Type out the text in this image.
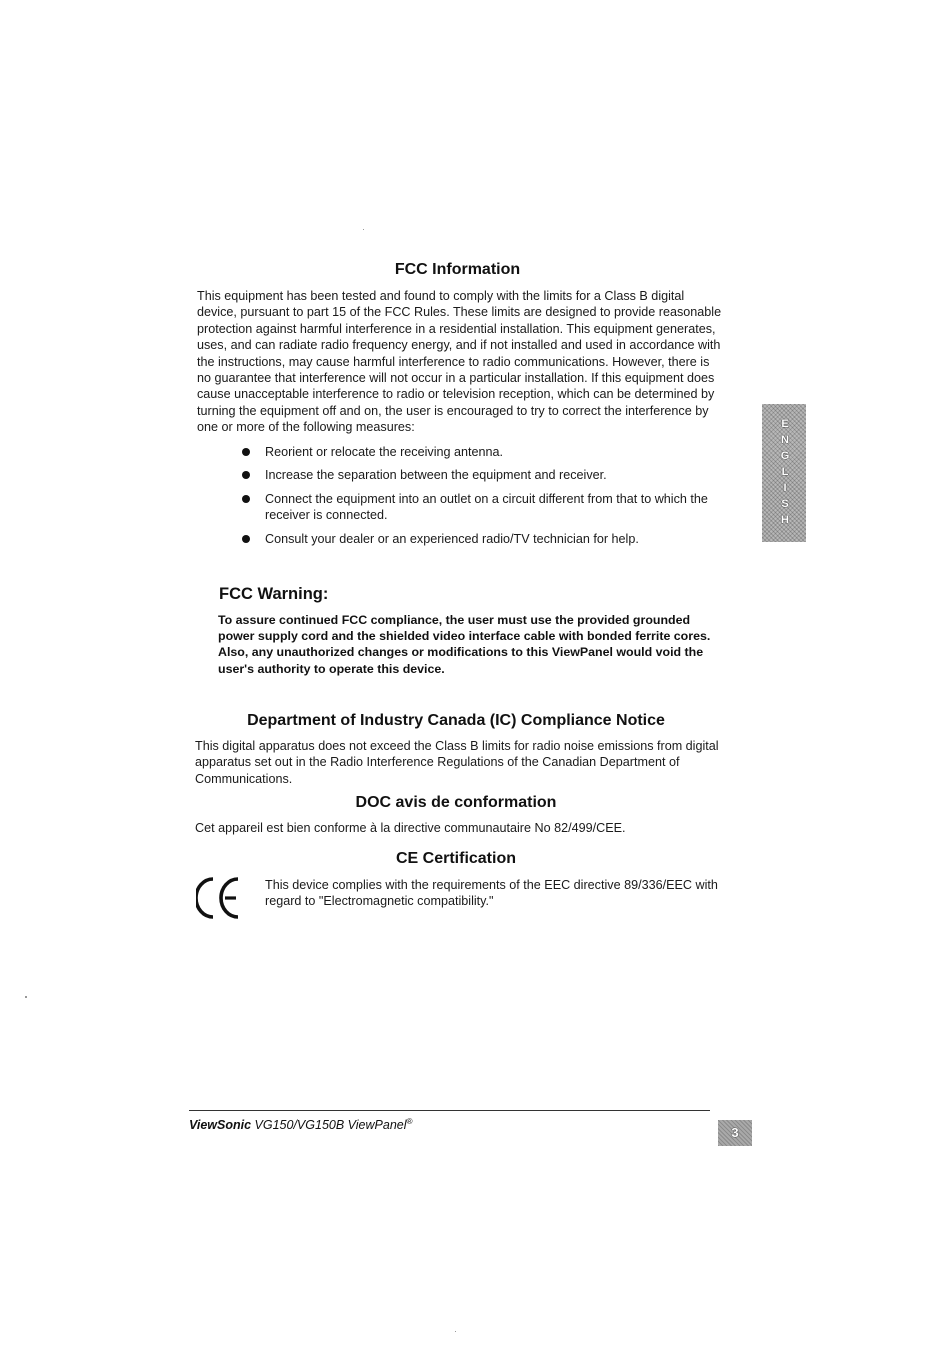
FCC Information
This equipment has been tested and found to comply with the limits for a Class B digital device, pursuant to part 15 of the FCC Rules. These limits are designed to provide reasonable protection against harmful interference in a residential installation. This equipment generates, uses, and can radiate radio frequency energy, and if not installed and used in accordance with the instructions, may cause harmful interference to radio communications. However, there is no guarantee that interference will not occur in a particular installation. If this equipment does cause unacceptable interference to radio or television reception, which can be determined by turning the equipment off and on, the user is encouraged to try to correct the interference by one or more of the following measures:
Reorient or relocate the receiving antenna.
Increase the separation between the equipment and receiver.
Connect the equipment into an outlet on a circuit different from that to which the receiver is connected.
Consult your dealer or an experienced radio/TV technician for help.
FCC Warning:
To assure continued FCC compliance, the user must use the provided grounded power supply cord and the shielded video interface cable with bonded ferrite cores. Also, any unauthorized changes or modifications to this ViewPanel would void the user's authority to operate this device.
Department of Industry Canada (IC) Compliance Notice
This digital apparatus does not exceed the Class B limits for radio noise emissions from digital apparatus set out in the Radio Interference Regulations of the Canadian Department of Communications.
DOC avis de conformation
Cet appareil est bien conforme à la directive communautaire No 82/499/CEE.
CE Certification
This device complies with the requirements of the EEC directive 89/336/EEC with regard to "Electromagnetic compatibility."
E
N
G
L
I
S
H
ViewSonic VG150/VG150B ViewPanel®
3
